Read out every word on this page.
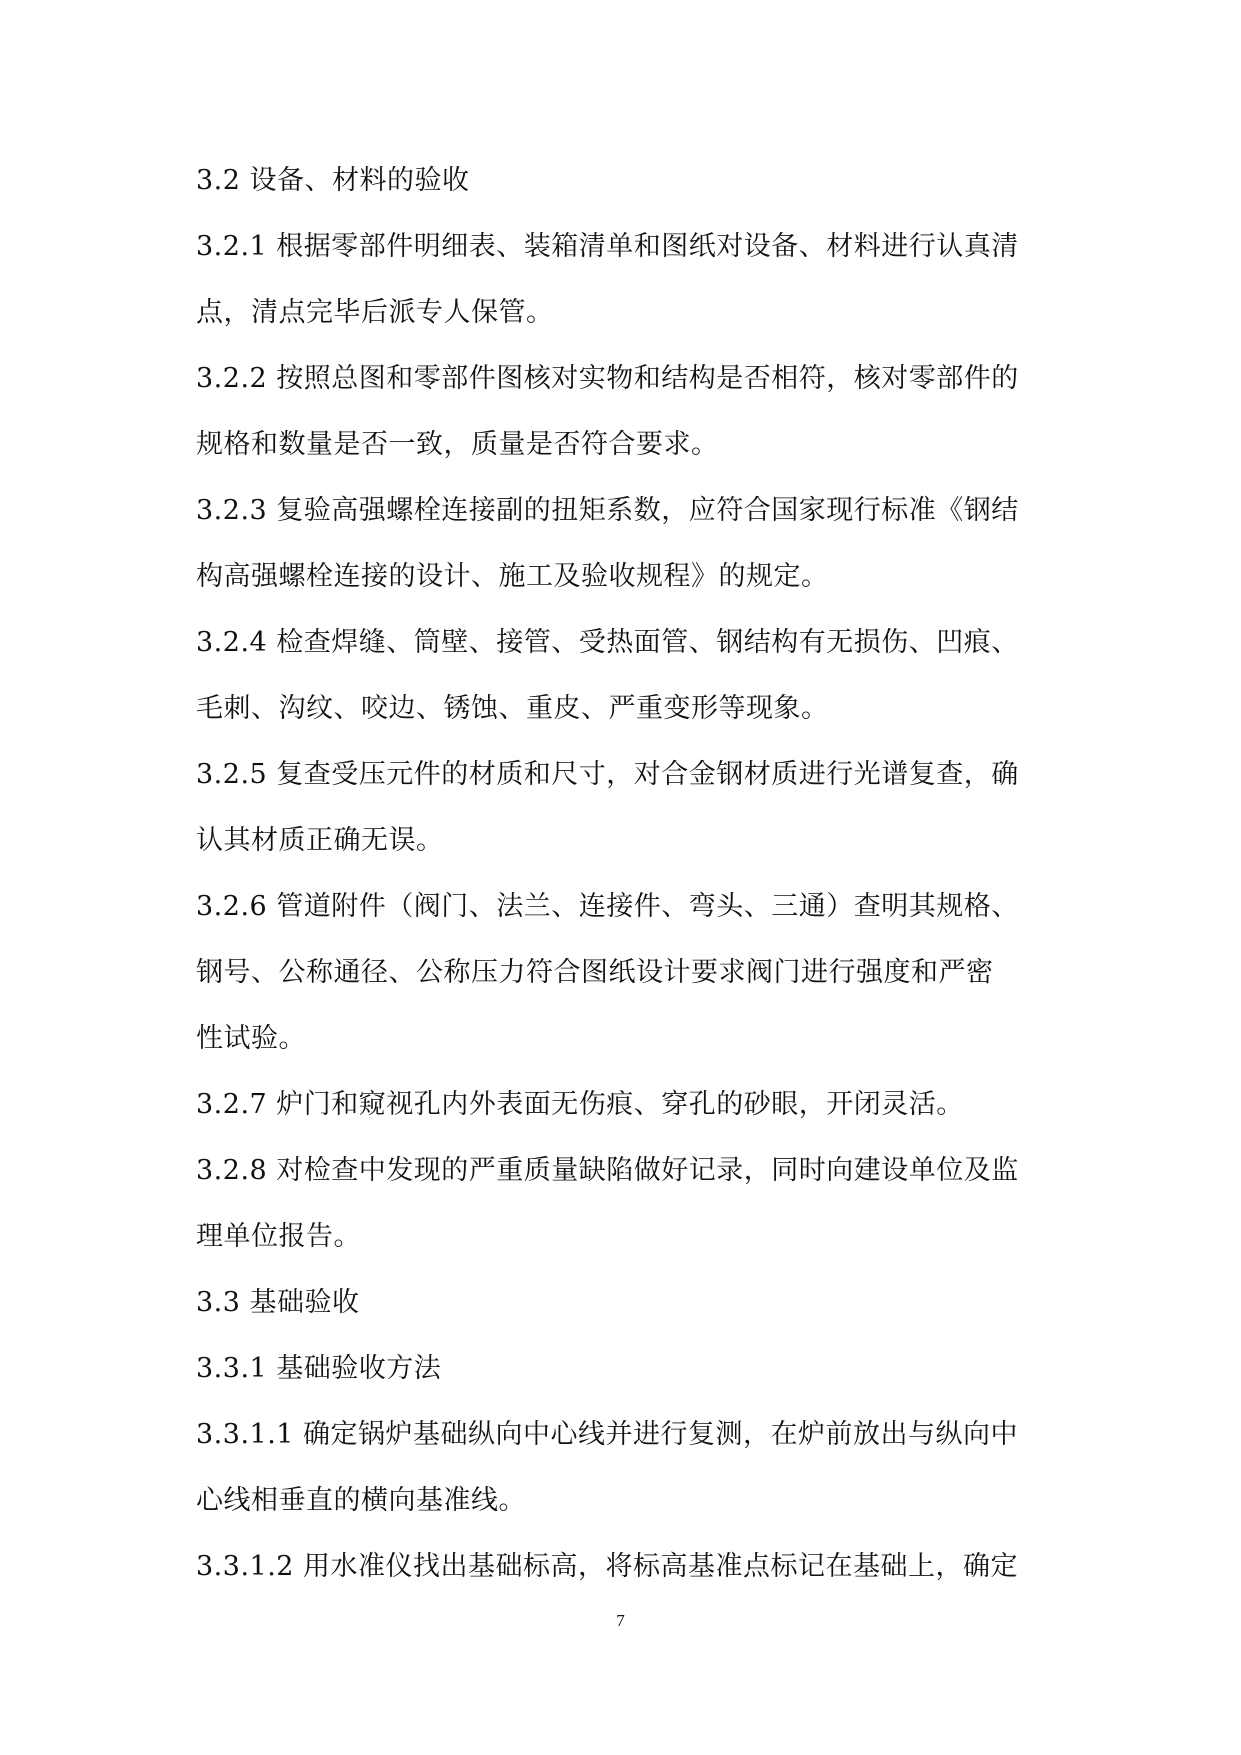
3.2 设备、材料的验收
3.2.1 根据零部件明细表、装箱清单和图纸对设备、材料进行认真清
点，清点完毕后派专人保管。
3.2.2 按照总图和零部件图核对实物和结构是否相符，核对零部件的
规格和数量是否一致，质量是否符合要求。
3.2.3 复验高强螺栓连接副的扭矩系数，应符合国家现行标准《钢结
构高强螺栓连接的设计、施工及验收规程》的规定。
3.2.4 检查焊缝、筒壁、接管、受热面管、钢结构有无损伤、凹痕、
毛刺、沟纹、咬边、锈蚀、重皮、严重变形等现象。
3.2.5 复查受压元件的材质和尺寸，对合金钢材质进行光谱复查，确
认其材质正确无误。
3.2.6 管道附件（阀门、法兰、连接件、弯头、三通）查明其规格、
钢号、公称通径、公称压力符合图纸设计要求阀门进行强度和严密
性试验。
3.2.7 炉门和窥视孔内外表面无伤痕、穿孔的砂眼，开闭灵活。
3.2.8 对检查中发现的严重质量缺陷做好记录，同时向建设单位及监
理单位报告。
3.3 基础验收
3.3.1 基础验收方法
3.3.1.1 确定锅炉基础纵向中心线并进行复测，在炉前放出与纵向中
心线相垂直的横向基准线。
3.3.1.2 用水准仪找出基础标高，将标高基准点标记在基础上，确定
7
